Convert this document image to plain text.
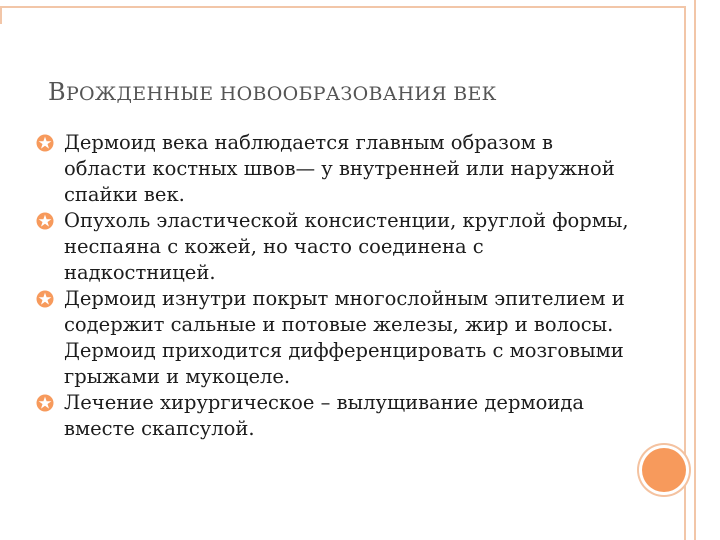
ВРОЖДЕННЫЕ НОВООБРАЗОВАНИЯ ВЕК
Дермоид века наблюдается главным образом в области костных швов— у внутренней или наружной спайки век.
Опухоль эластической консистенции, круглой формы, неспаяна с кожей, но часто соединена с надкостницей.
Дермоид изнутри покрыт многослойным эпителием и содержит сальные и потовые железы, жир и волосы. Дермоид приходится дифференцировать с мозговыми грыжами и мукоцеле.
Лечение хирургическое – вылущивание дермоида вместе скапсулой.
